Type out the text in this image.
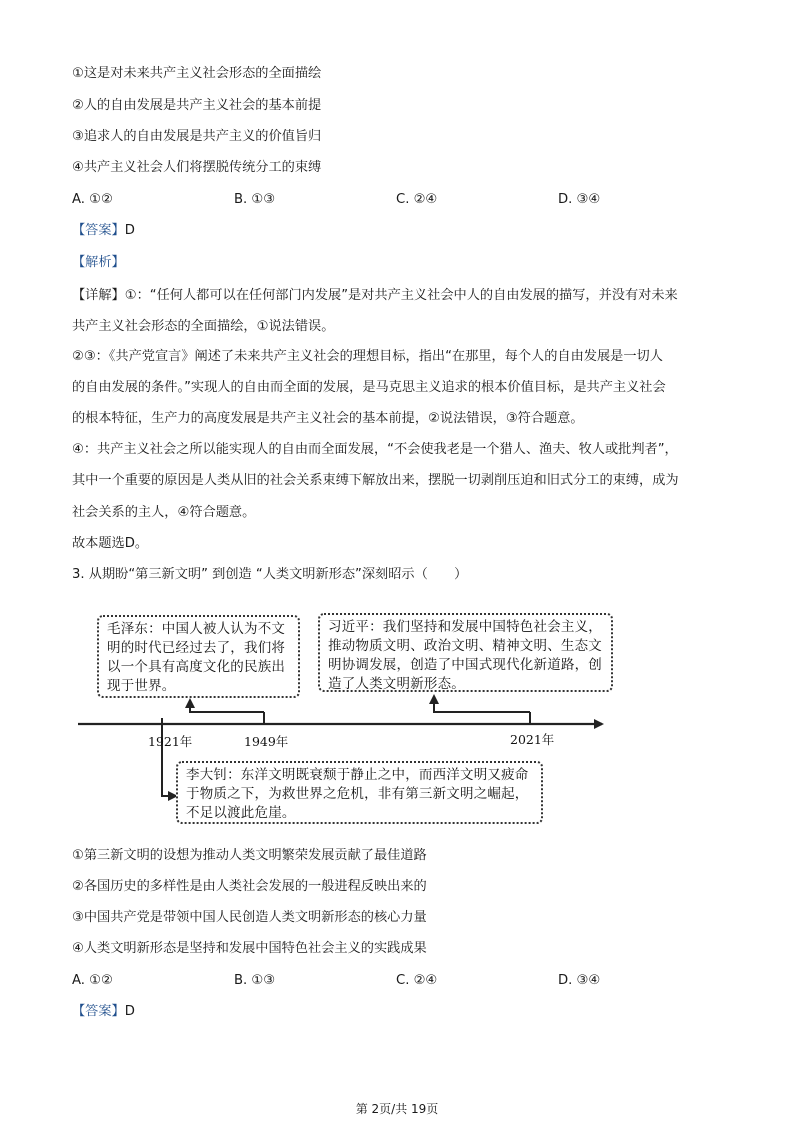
①这是对未来共产主义社会形态的全面描绘
②人的自由发展是共产主义社会的基本前提
③追求人的自由发展是共产主义的价值旨归
④共产主义社会人们将摆脱传统分工的束缚
A. ①②	B. ①③	C. ②④	D. ③④
【答案】D
【解析】
【详解】①：“任何人都可以在任何部门内发展”是对共产主义社会中人的自由发展的描写，并没有对未来
共产主义社会形态的全面描绘，①说法错误。
②③：《共产党宣言》阐述了未来共产主义社会的理想目标，指出“在那里，每个人的自由发展是一切人
的自由发展的条件。”实现人的自由而全面的发展，是马克思主义追求的根本价值目标，是共产主义社会
的根本特征，生产力的高度发展是共产主义社会的基本前提，②说法错误，③符合题意。
④：共产主义社会之所以能实现人的自由而全面发展，“不会使我老是一个猎人、渔夫、牧人或批判者”，
其中一个重要的原因是人类从旧的社会关系束缚下解放出来，摆脱一切剥削压迫和旧式分工的束缚，成为
社会关系的主人，④符合题意。
故本题选D。
3. 从期盼“第三新文明” 到创造 “人类文明新形态”深刻昭示（　　）
毛泽东：中国人被人认为不文明的时代已经过去了，我们将以一个具有高度文化的民族出现于世界。
习近平：我们坚持和发展中国特色社会主义，推动物质文明、政治文明、精神文明、生态文明协调发展，创造了中国式现代化新道路，创造了人类文明新形态。
李大钊：东洋文明既衰颓于静止之中，而西洋文明又疲命于物质之下，为救世界之危机，非有第三新文明之崛起，不足以渡此危崖。
1921年	1949年	2021年
①第三新文明的设想为推动人类文明繁荣发展贡献了最佳道路
②各国历史的多样性是由人类社会发展的一般进程反映出来的
③中国共产党是带领中国人民创造人类文明新形态的核心力量
④人类文明新形态是坚持和发展中国特色社会主义的实践成果
A. ①②	B. ①③	C. ②④	D. ③④
【答案】D
第 2页/共 19页
